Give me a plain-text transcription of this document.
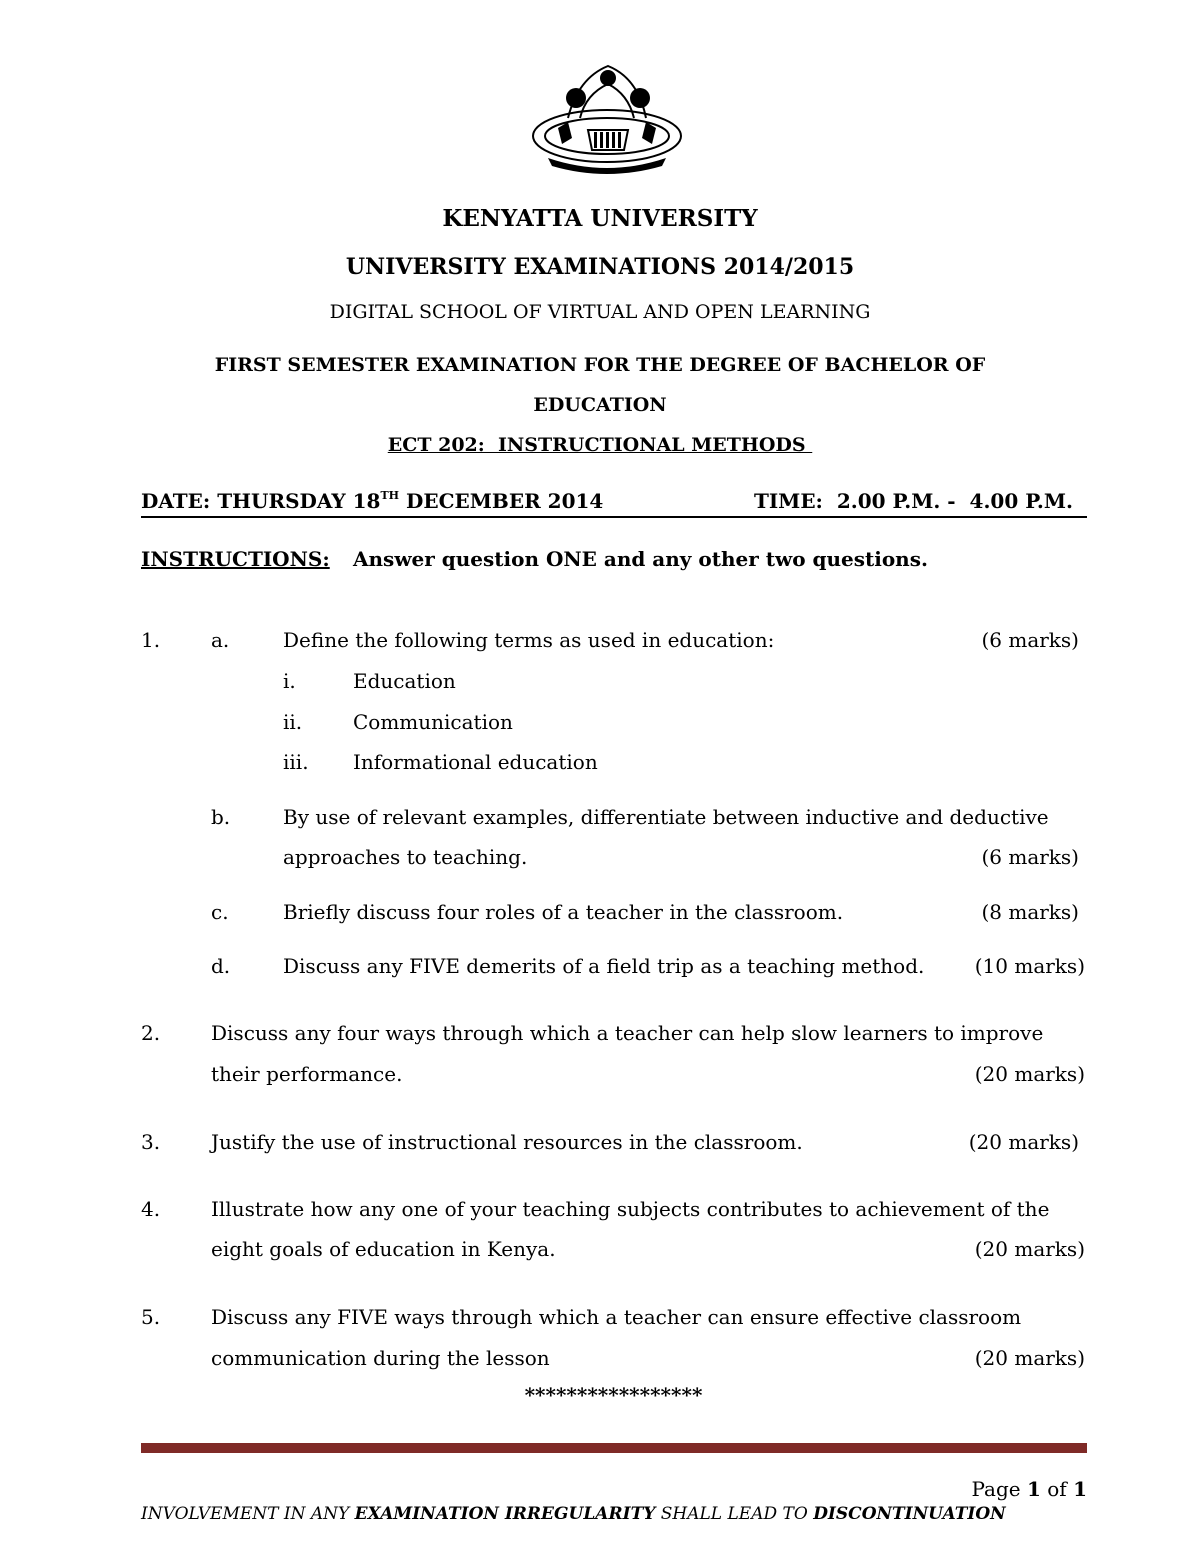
KENYATTA UNIVERSITY
UNIVERSITY EXAMINATIONS 2014/2015
DIGITAL SCHOOL OF VIRTUAL AND OPEN LEARNING
FIRST SEMESTER EXAMINATION FOR THE DEGREE OF BACHELOR OF
EDUCATION
ECT 202:  INSTRUCTIONAL METHODS
DATE: THURSDAY 18TH DECEMBER 2014	TIME:  2.00 P.M. -  4.00 P.M.
INSTRUCTIONS: Answer question ONE and any other two questions.
1.	a.	Define the following terms as used in education:	(6 marks)
i.	Education
ii.	Communication
iii. Informational education
b.	By use of relevant examples, differentiate between inductive and deductive
approaches to teaching.	(6 marks)
c.	Briefly discuss four roles of a teacher in the classroom.	(8 marks)
d.	Discuss any FIVE demerits of a field trip as a teaching method.	(10 marks)
2.	Discuss any four ways through which a teacher can help slow learners to improve
their performance.	(20 marks)
3.	Justify the use of instructional resources in the classroom.	(20 marks)
4.	Illustrate how any one of your teaching subjects contributes to achievement of the
eight goals of education in Kenya.	(20 marks)
5.	Discuss any FIVE ways through which a teacher can ensure effective classroom
communication during the lesson	(20 marks)
*****************
Page 1 of 1
INVOLVEMENT IN ANY EXAMINATION IRREGULARITY SHALL LEAD TO DISCONTINUATION
